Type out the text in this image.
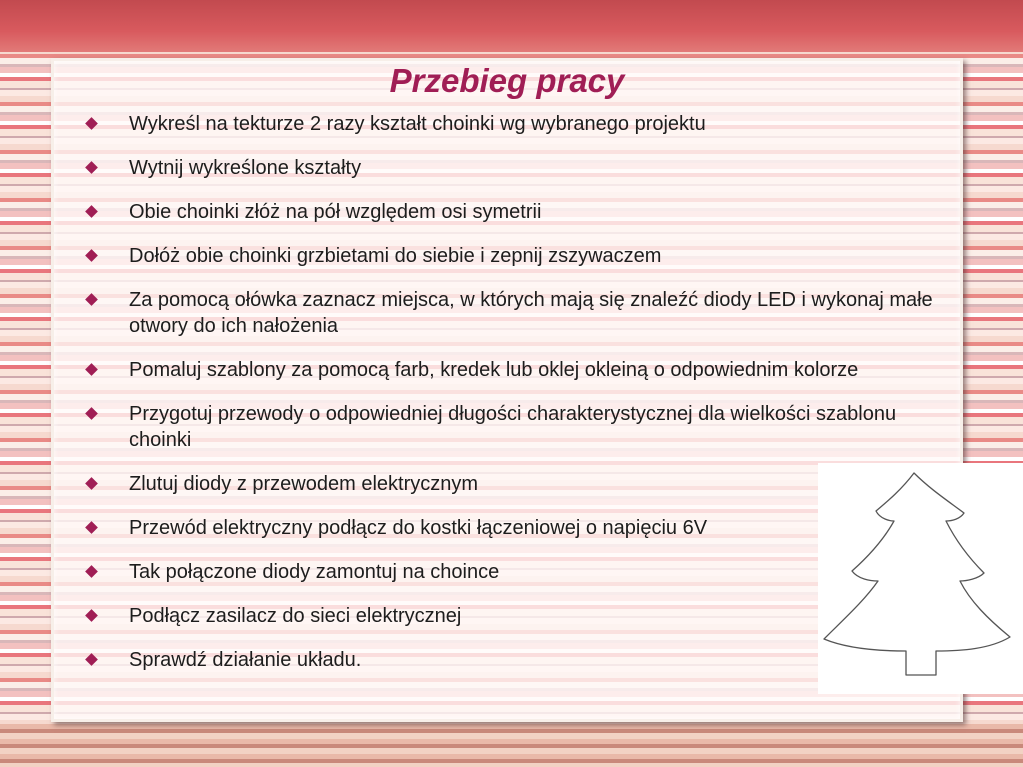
Przebieg pracy
Wykreśl na tekturze 2 razy kształt choinki wg wybranego projektu
Wytnij wykreślone kształty
Obie choinki złóż na pół względem osi symetrii
Dołóż obie choinki grzbietami do siebie i zepnij zszywaczem
Za pomocą ołówka zaznacz miejsca, w których mają się znaleźć diody LED i wykonaj małe otwory do ich nałożenia
Pomaluj szablony za pomocą farb, kredek lub oklej okleiną o odpowiednim kolorze
Przygotuj przewody o odpowiedniej długości charakterystycznej dla wielkości szablonu choinki
Zlutuj diody z przewodem elektrycznym
Przewód elektryczny podłącz do kostki łączeniowej o napięciu 6V
Tak połączone diody zamontuj na choince
Podłącz zasilacz do sieci elektrycznej
Sprawdź działanie układu.
